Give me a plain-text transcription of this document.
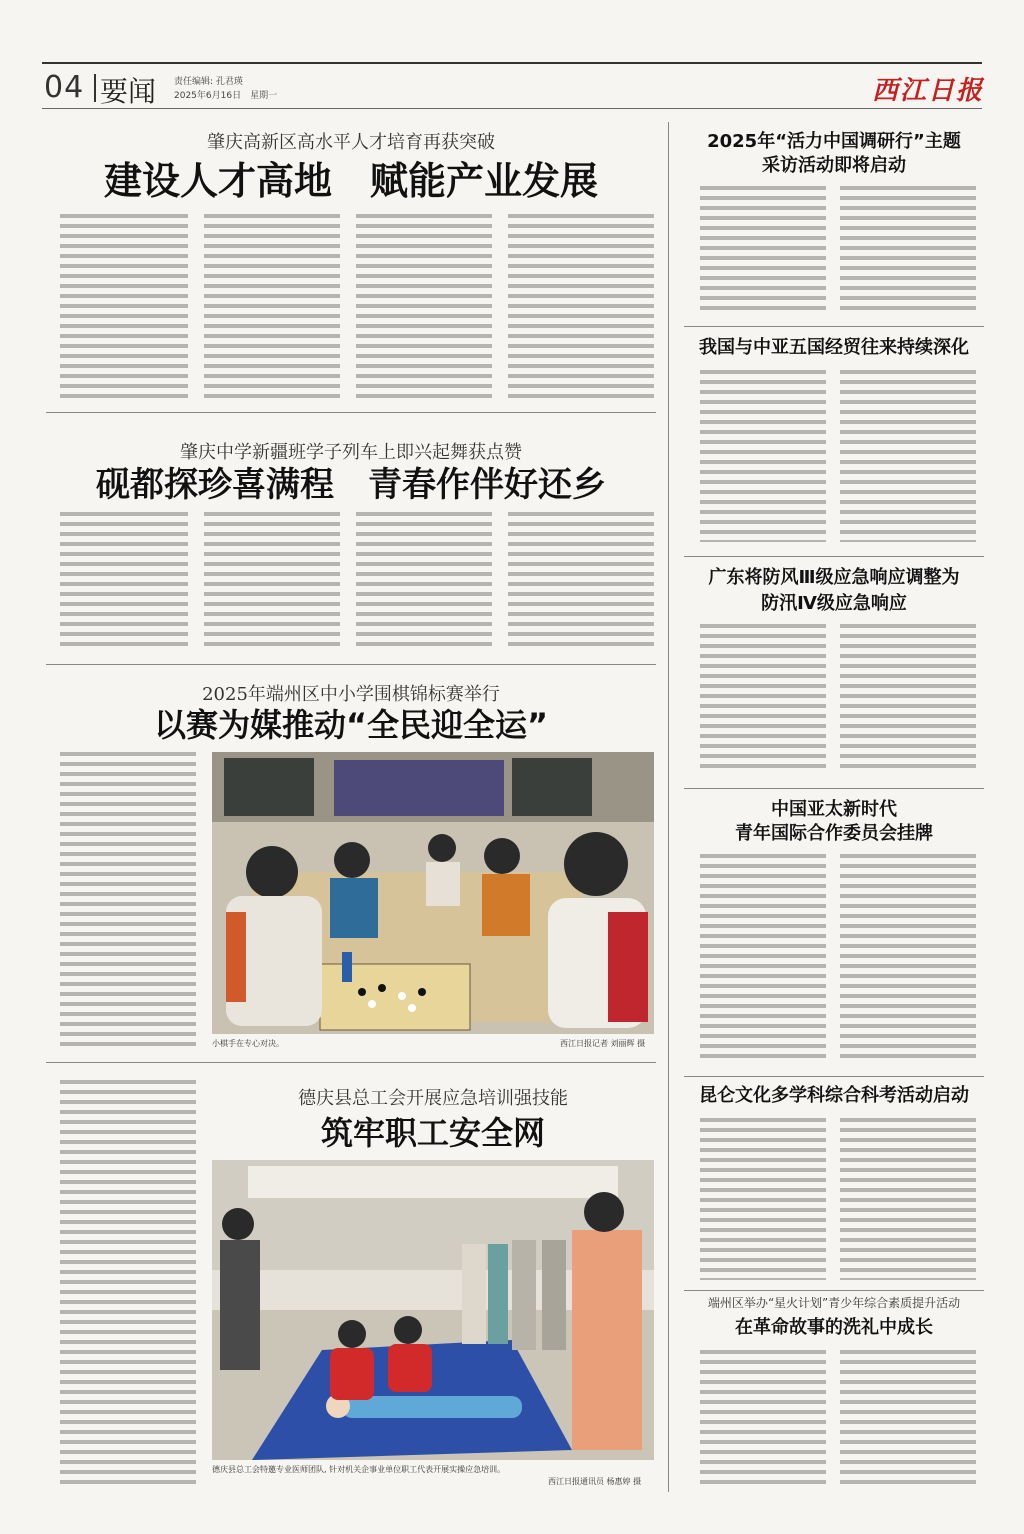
04 要闻 责任编辑: 孔君瑛
2025年6月16日　星期一	西江日报
肇庆高新区高水平人才培育再获突破
建设人才高地　赋能产业发展
肇庆中学新疆班学子列车上即兴起舞获点赞
砚都探珍喜满程　青春作伴好还乡
2025年端州区中小学围棋锦标赛举行
以赛为媒推动“全民迎全运”
小棋手在专心对决。	西江日报记者 刘丽辉 摄
德庆县总工会开展应急培训强技能
筑牢职工安全网
德庆县总工会特邀专业医师团队, 针对机关企事业单位职工代表开展实操应急培训。
西江日报通讯员 杨惠婷 摄
2025年“活力中国调研行”主题
采访活动即将启动
我国与中亚五国经贸往来持续深化
广东将防风Ⅲ级应急响应调整为
防汛Ⅳ级应急响应
中国亚太新时代
青年国际合作委员会挂牌
昆仑文化多学科综合科考活动启动
端州区举办“星火计划”青少年综合素质提升活动
在革命故事的洗礼中成长
